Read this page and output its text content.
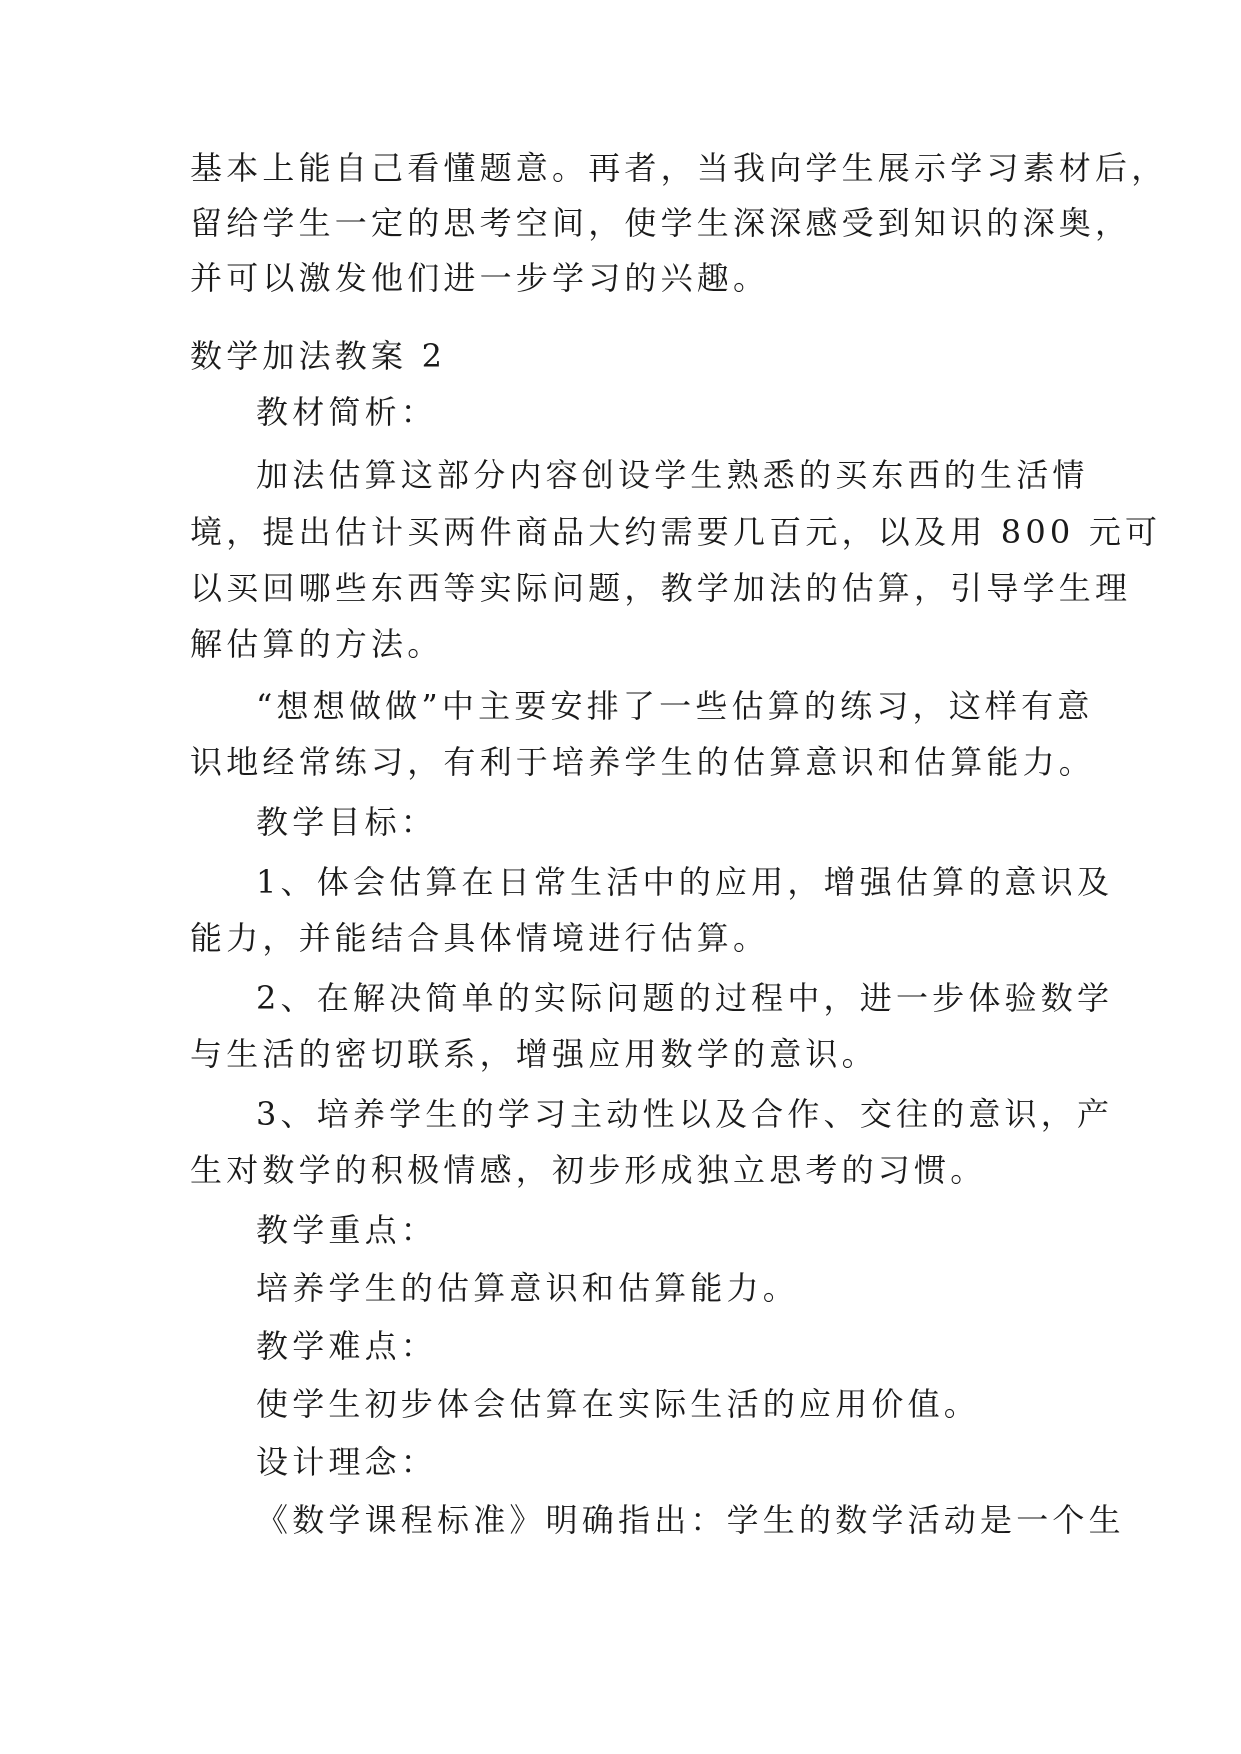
基本上能自己看懂题意。再者，当我向学生展示学习素材后，
留给学生一定的思考空间，使学生深深感受到知识的深奥，
并可以激发他们进一步学习的兴趣。
数学加法教案 2
教材简析：
加法估算这部分内容创设学生熟悉的买东西的生活情
境，提出估计买两件商品大约需要几百元，以及用 800 元可
以买回哪些东西等实际问题，教学加法的估算，引导学生理
解估算的方法。
“想想做做”中主要安排了一些估算的练习，这样有意
识地经常练习，有利于培养学生的估算意识和估算能力。
教学目标：
1、体会估算在日常生活中的应用，增强估算的意识及
能力，并能结合具体情境进行估算。
2、在解决简单的实际问题的过程中，进一步体验数学
与生活的密切联系，增强应用数学的意识。
3、培养学生的学习主动性以及合作、交往的意识，产
生对数学的积极情感，初步形成独立思考的习惯。
教学重点：
培养学生的估算意识和估算能力。
教学难点：
使学生初步体会估算在实际生活的应用价值。
设计理念：
《数学课程标准》明确指出：学生的数学活动是一个生
